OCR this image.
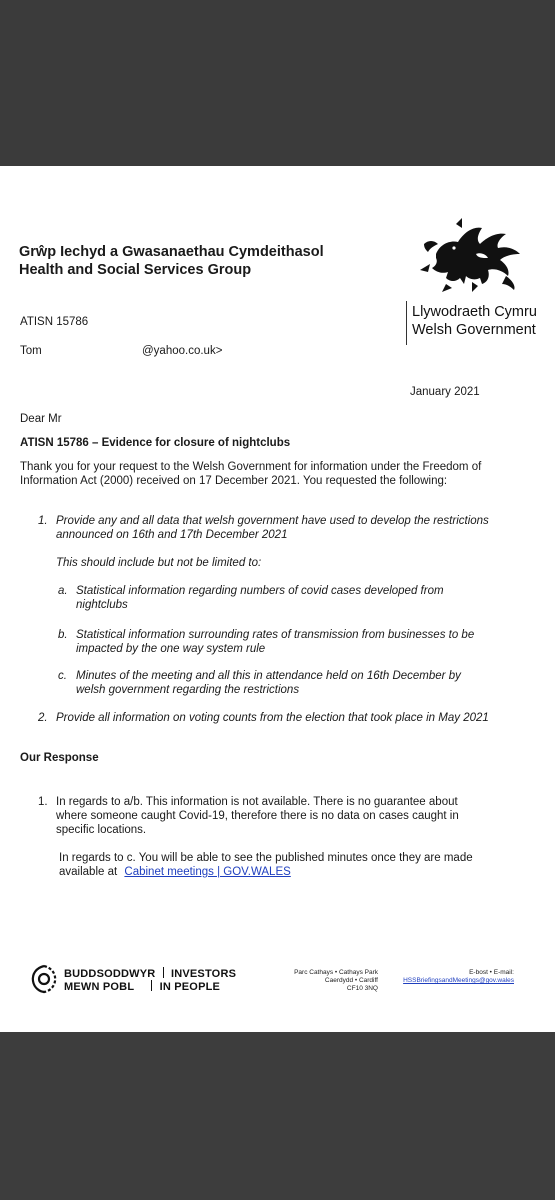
Grŵp Iechyd a Gwasanaethau Cymdeithasol
Health and Social Services Group
Llywodraeth Cymru
Welsh Government
ATISN 15786
Tom	@yahoo.co.uk>
January 2021
Dear Mr
ATISN 15786 – Evidence for closure of nightclubs
Thank you for your request to the Welsh Government for information under the Freedom of
Information Act (2000) received on 17 December 2021. You requested the following:
1. Provide any and all data that welsh government have used to develop the restrictions
announced on 16th and 17th December 2021
This should include but not be limited to:
a. Statistical information regarding numbers of covid cases developed from
nightclubs
b. Statistical information surrounding rates of transmission from businesses to be
impacted by the one way system rule
c. Minutes of the meeting and all this in attendance held on 16th December by
welsh government regarding the restrictions
2. Provide all information on voting counts from the election that took place in May 2021
Our Response
1. In regards to a/b. This information is not available. There is no guarantee about
where someone caught Covid-19, therefore there is no data on cases caught in
specific locations.
In regards to c. You will be able to see the published minutes once they are made
available at Cabinet meetings | GOV.WALES
BUDDSODDWYR INVESTORS
MEWN POBL IN PEOPLE
Parc Cathays • Cathays Park
Caerdydd • Cardiff
CF10 3NQ
E-bost • E-mail:
HSSBriefingsandMeetings@gov.wales
